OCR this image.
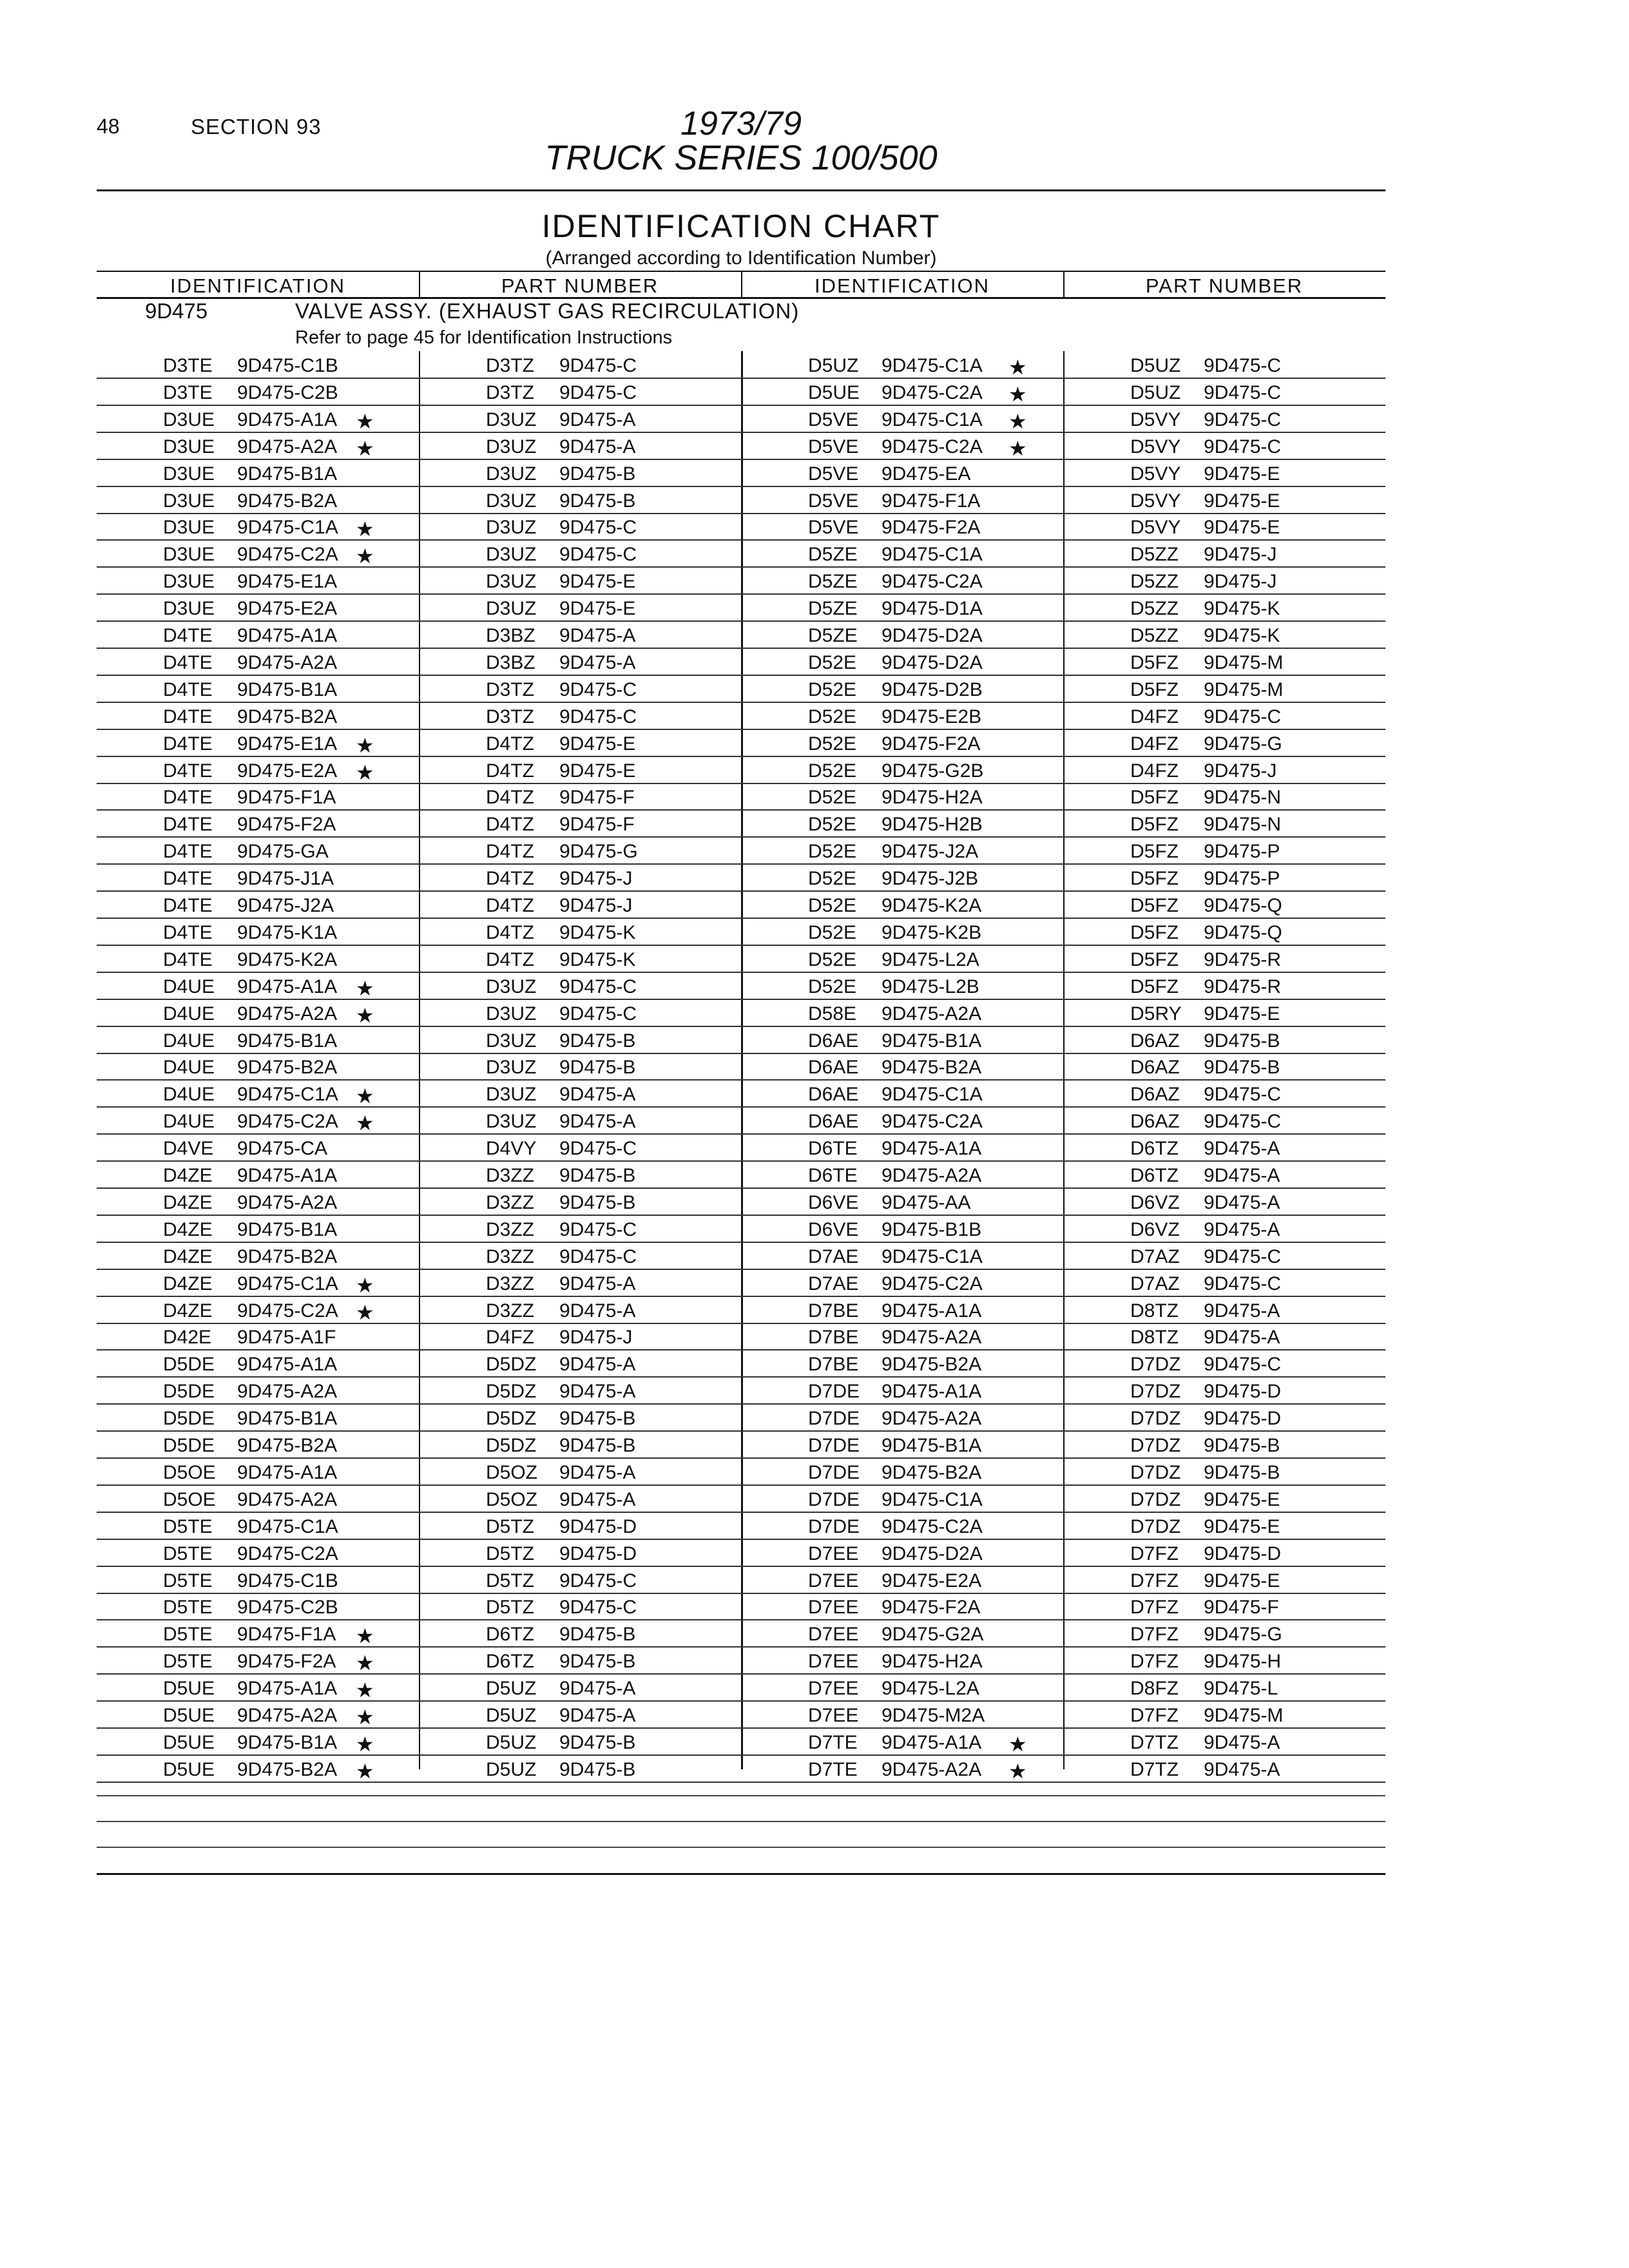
48	SECTION 93	1973/79
TRUCK SERIES 100/500
IDENTIFICATION CHART
(Arranged according to Identification Number)
IDENTIFICATION	PART NUMBER	IDENTIFICATION	PART NUMBER
9D475	VALVE ASSY. (EXHAUST GAS RECIRCULATION)
Refer to page 45 for Identification Instructions
D3TE 9D475-C1B	D3TZ 9D475-C	D5UZ 9D475-C1A ★	D5UZ 9D475-C
D3TE 9D475-C2B	D3TZ 9D475-C	D5UE 9D475-C2A ★	D5UZ 9D475-C
D3UE 9D475-A1A ★	D3UZ 9D475-A	D5VE 9D475-C1A ★	D5VY 9D475-C
D3UE 9D475-A2A ★	D3UZ 9D475-A	D5VE 9D475-C2A ★	D5VY 9D475-C
D3UE 9D475-B1A	D3UZ 9D475-B	D5VE 9D475-EA	D5VY 9D475-E
D3UE 9D475-B2A	D3UZ 9D475-B	D5VE 9D475-F1A	D5VY 9D475-E
D3UE 9D475-C1A ★	D3UZ 9D475-C	D5VE 9D475-F2A	D5VY 9D475-E
D3UE 9D475-C2A ★	D3UZ 9D475-C	D5ZE 9D475-C1A	D5ZZ 9D475-J
D3UE 9D475-E1A	D3UZ 9D475-E	D5ZE 9D475-C2A	D5ZZ 9D475-J
D3UE 9D475-E2A	D3UZ 9D475-E	D5ZE 9D475-D1A	D5ZZ 9D475-K
D4TE 9D475-A1A	D3BZ 9D475-A	D5ZE 9D475-D2A	D5ZZ 9D475-K
D4TE 9D475-A2A	D3BZ 9D475-A	D52E 9D475-D2A	D5FZ 9D475-M
D4TE 9D475-B1A	D3TZ 9D475-C	D52E 9D475-D2B	D5FZ 9D475-M
D4TE 9D475-B2A	D3TZ 9D475-C	D52E 9D475-E2B	D4FZ 9D475-C
D4TE 9D475-E1A ★	D4TZ 9D475-E	D52E 9D475-F2A	D4FZ 9D475-G
D4TE 9D475-E2A ★	D4TZ 9D475-E	D52E 9D475-G2B	D4FZ 9D475-J
D4TE 9D475-F1A	D4TZ 9D475-F	D52E 9D475-H2A	D5FZ 9D475-N
D4TE 9D475-F2A	D4TZ 9D475-F	D52E 9D475-H2B	D5FZ 9D475-N
D4TE 9D475-GA	D4TZ 9D475-G	D52E 9D475-J2A	D5FZ 9D475-P
D4TE 9D475-J1A	D4TZ 9D475-J	D52E 9D475-J2B	D5FZ 9D475-P
D4TE 9D475-J2A	D4TZ 9D475-J	D52E 9D475-K2A	D5FZ 9D475-Q
D4TE 9D475-K1A	D4TZ 9D475-K	D52E 9D475-K2B	D5FZ 9D475-Q
D4TE 9D475-K2A	D4TZ 9D475-K	D52E 9D475-L2A	D5FZ 9D475-R
D4UE 9D475-A1A ★	D3UZ 9D475-C	D52E 9D475-L2B	D5FZ 9D475-R
D4UE 9D475-A2A ★	D3UZ 9D475-C	D58E 9D475-A2A	D5RY 9D475-E
D4UE 9D475-B1A	D3UZ 9D475-B	D6AE 9D475-B1A	D6AZ 9D475-B
D4UE 9D475-B2A	D3UZ 9D475-B	D6AE 9D475-B2A	D6AZ 9D475-B
D4UE 9D475-C1A ★	D3UZ 9D475-A	D6AE 9D475-C1A	D6AZ 9D475-C
D4UE 9D475-C2A ★	D3UZ 9D475-A	D6AE 9D475-C2A	D6AZ 9D475-C
D4VE 9D475-CA	D4VY 9D475-C	D6TE 9D475-A1A	D6TZ 9D475-A
D4ZE 9D475-A1A	D3ZZ 9D475-B	D6TE 9D475-A2A	D6TZ 9D475-A
D4ZE 9D475-A2A	D3ZZ 9D475-B	D6VE 9D475-AA	D6VZ 9D475-A
D4ZE 9D475-B1A	D3ZZ 9D475-C	D6VE 9D475-B1B	D6VZ 9D475-A
D4ZE 9D475-B2A	D3ZZ 9D475-C	D7AE 9D475-C1A	D7AZ 9D475-C
D4ZE 9D475-C1A ★	D3ZZ 9D475-A	D7AE 9D475-C2A	D7AZ 9D475-C
D4ZE 9D475-C2A ★	D3ZZ 9D475-A	D7BE 9D475-A1A	D8TZ 9D475-A
D42E 9D475-A1F	D4FZ 9D475-J	D7BE 9D475-A2A	D8TZ 9D475-A
D5DE 9D475-A1A	D5DZ 9D475-A	D7BE 9D475-B2A	D7DZ 9D475-C
D5DE 9D475-A2A	D5DZ 9D475-A	D7DE 9D475-A1A	D7DZ 9D475-D
D5DE 9D475-B1A	D5DZ 9D475-B	D7DE 9D475-A2A	D7DZ 9D475-D
D5DE 9D475-B2A	D5DZ 9D475-B	D7DE 9D475-B1A	D7DZ 9D475-B
D5OE 9D475-A1A	D5OZ 9D475-A	D7DE 9D475-B2A	D7DZ 9D475-B
D5OE 9D475-A2A	D5OZ 9D475-A	D7DE 9D475-C1A	D7DZ 9D475-E
D5TE 9D475-C1A	D5TZ 9D475-D	D7DE 9D475-C2A	D7DZ 9D475-E
D5TE 9D475-C2A	D5TZ 9D475-D	D7EE 9D475-D2A	D7FZ 9D475-D
D5TE 9D475-C1B	D5TZ 9D475-C	D7EE 9D475-E2A	D7FZ 9D475-E
D5TE 9D475-C2B	D5TZ 9D475-C	D7EE 9D475-F2A	D7FZ 9D475-F
D5TE 9D475-F1A ★	D6TZ 9D475-B	D7EE 9D475-G2A	D7FZ 9D475-G
D5TE 9D475-F2A ★	D6TZ 9D475-B	D7EE 9D475-H2A	D7FZ 9D475-H
D5UE 9D475-A1A ★	D5UZ 9D475-A	D7EE 9D475-L2A	D8FZ 9D475-L
D5UE 9D475-A2A ★	D5UZ 9D475-A	D7EE 9D475-M2A	D7FZ 9D475-M
D5UE 9D475-B1A ★	D5UZ 9D475-B	D7TE 9D475-A1A ★	D7TZ 9D475-A
D5UE 9D475-B2A ★	D5UZ 9D475-B	D7TE 9D475-A2A ★	D7TZ 9D475-A
